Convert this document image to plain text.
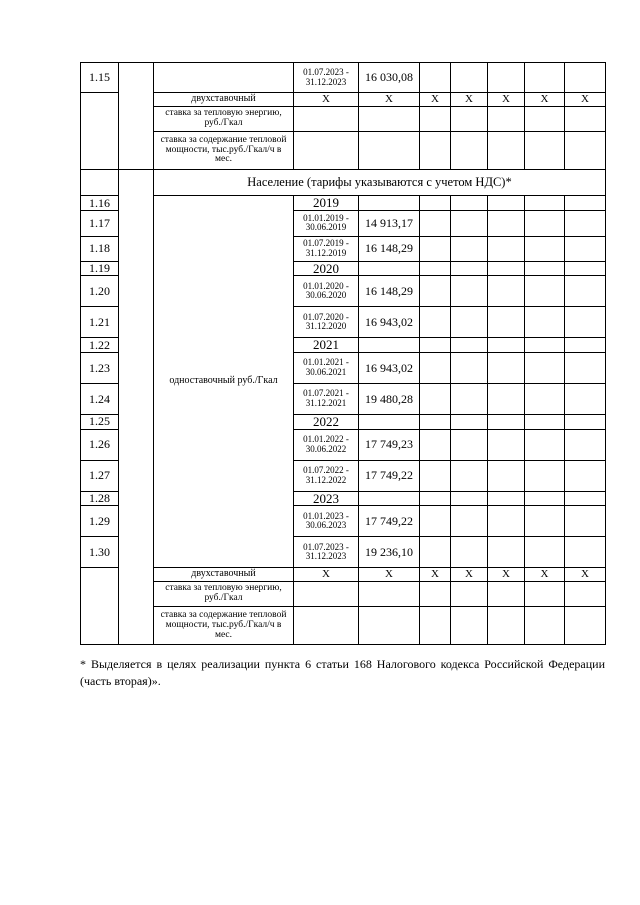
1.15			01.07.2023 - 31.12.2023	16 030,08					
		двухставочный	Х	Х	Х	Х	Х	Х	Х
		ставка за тепловую энергию, руб./Гкал							
		ставка за содержание тепловой мощности, тыс.руб./Гкал/ч в мес.							
		Население (тарифы указываются с учетом НДС)*							
1.16		одноставочный руб./Гкал	2019						
1.17			01.01.2019 - 30.06.2019	14 913,17					
1.18			01.07.2019 - 31.12.2019	16 148,29					
1.19			2020						
1.20			01.01.2020 - 30.06.2020	16 148,29					
1.21			01.07.2020 - 31.12.2020	16 943,02					
1.22			2021						
1.23			01.01.2021 - 30.06.2021	16 943,02					
1.24			01.07.2021 - 31.12.2021	19 480,28					
1.25			2022						
1.26			01.01.2022 - 30.06.2022	17 749,23					
1.27			01.07.2022 - 31.12.2022	17 749,22					
1.28			2023						
1.29			01.01.2023 - 30.06.2023	17 749,22					
1.30			01.07.2023 - 31.12.2023	19 236,10					
		двухставочный	Х	Х	Х	Х	Х	Х	Х
		ставка за тепловую энергию, руб./Гкал							
		ставка за содержание тепловой мощности, тыс.руб./Гкал/ч в мес.							
* Выделяется в целях реализации пункта 6 статьи 168 Налогового кодекса Российской Федерации (часть вторая)».
